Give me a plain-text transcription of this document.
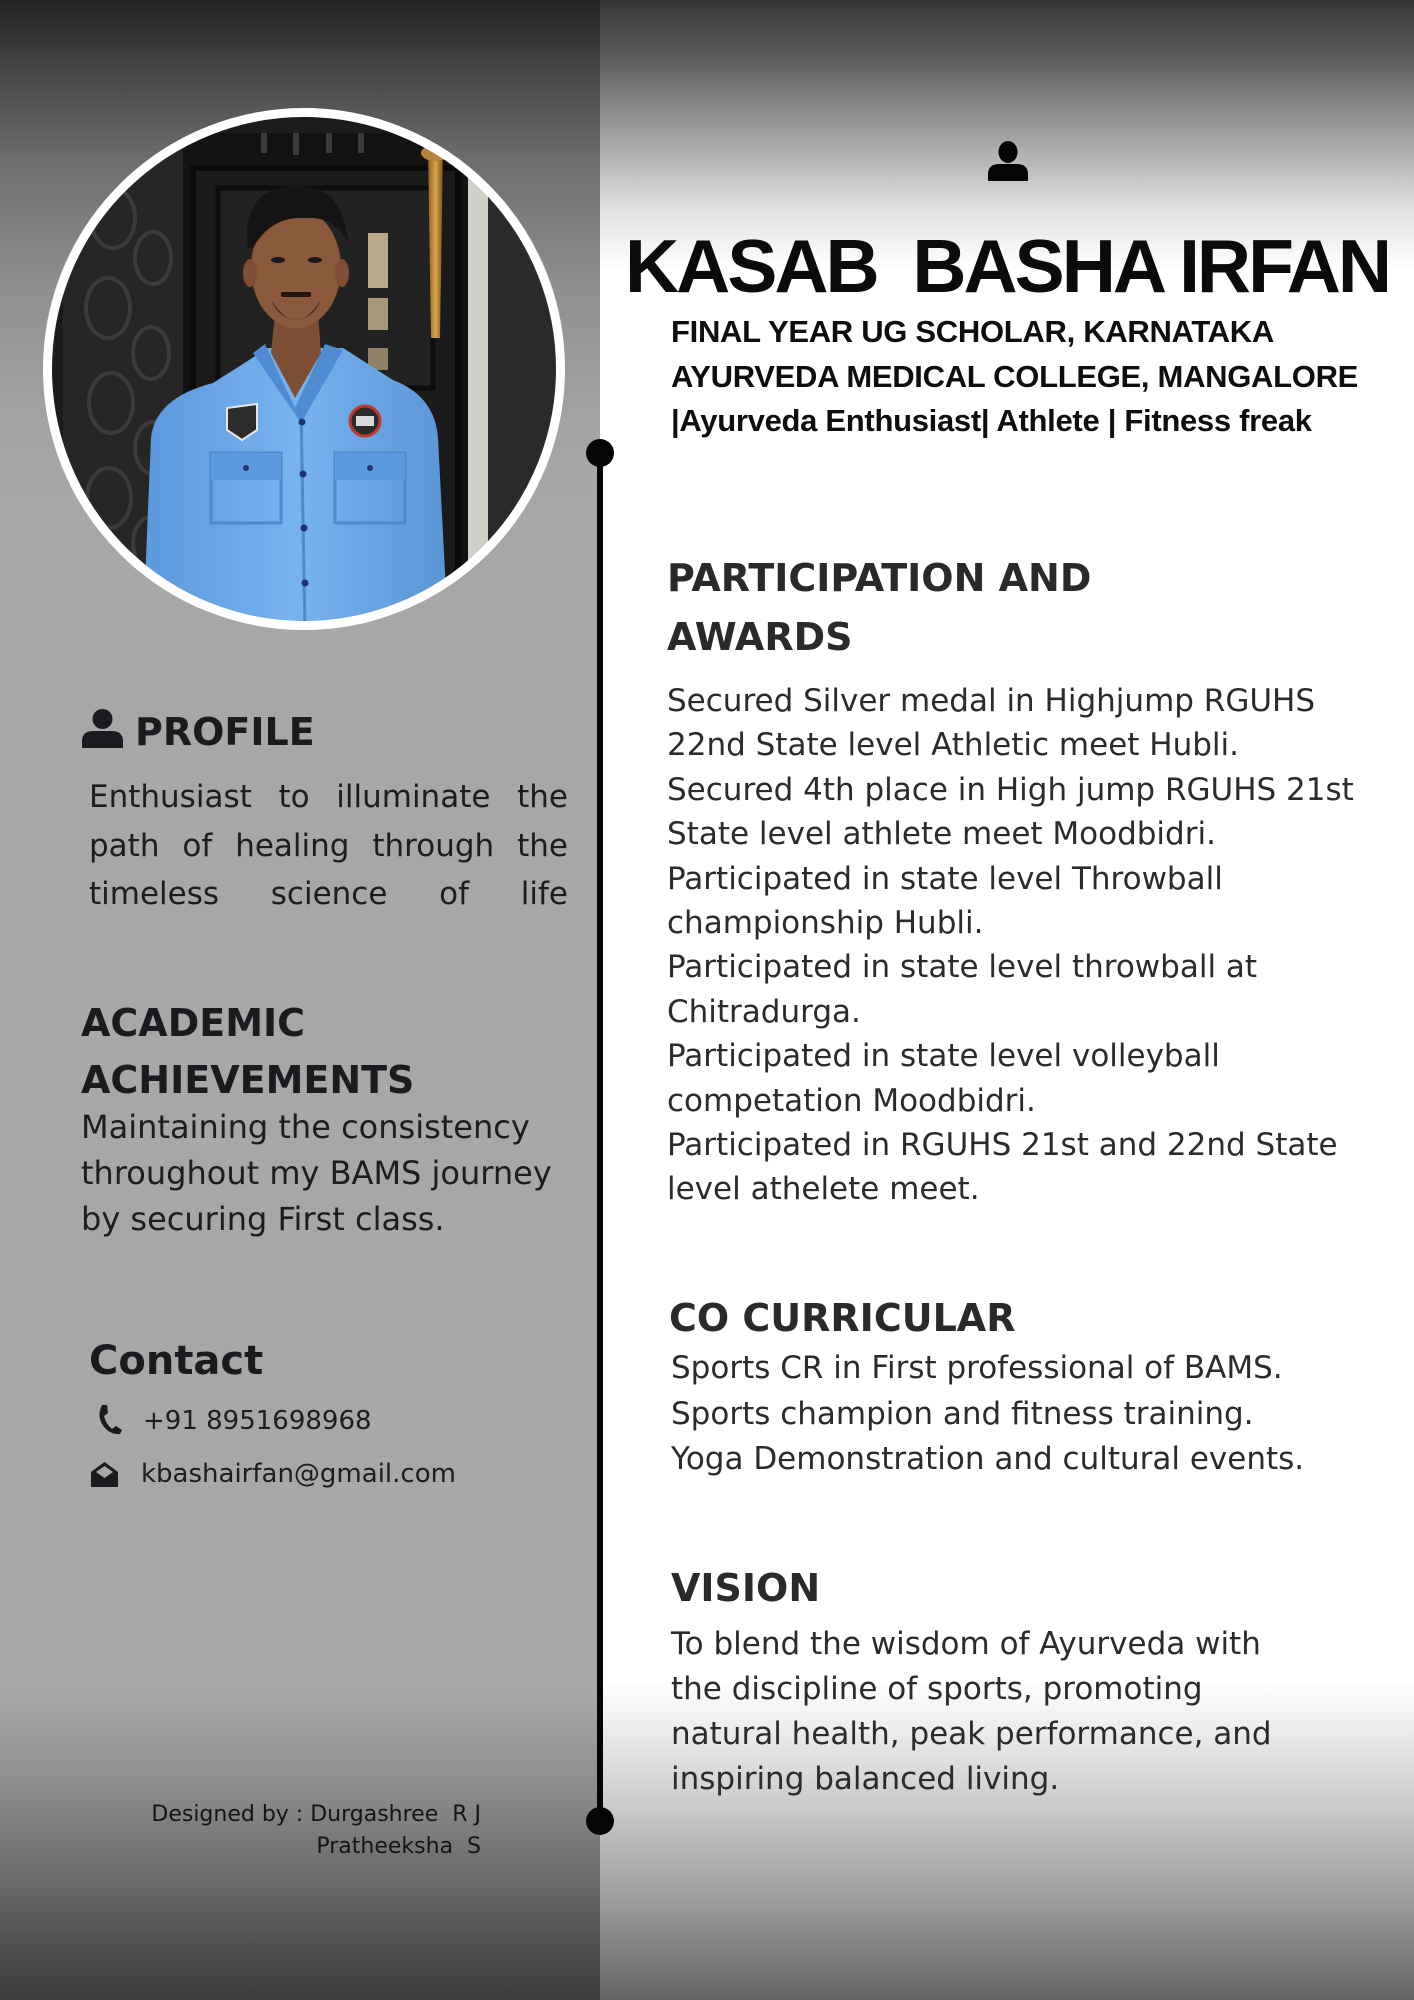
KASAB  BASHA IRFAN
FINAL YEAR UG SCHOLAR, KARNATAKA
AYURVEDA MEDICAL COLLEGE, MANGALORE
|Ayurveda Enthusiast| Athlete | Fitness freak
PROFILE
Enthusiast to illuminate the
path of healing through the
timeless science of life
ACADEMIC
ACHIEVEMENTS
Maintaining the consistency
throughout my BAMS journey
by securing First class.
Contact
+91 8951698968
kbashairfan@gmail.com
Designed by : Durgashree  R J
Pratheeksha  S
PARTICIPATION AND
AWARDS
Secured Silver medal in Highjump RGUHS
22nd State level Athletic meet Hubli.
Secured 4th place in High jump RGUHS 21st
State level athlete meet Moodbidri.
Participated in state level Throwball
championship Hubli.
Participated in state level throwball at
Chitradurga.
Participated in state level volleyball
competation Moodbidri.
Participated in RGUHS 21st and 22nd State
level athelete meet.
CO CURRICULAR
Sports CR in First professional of BAMS.
Sports champion and fitness training.
Yoga Demonstration and cultural events.
VISION
To blend the wisdom of Ayurveda with
the discipline of sports, promoting
natural health, peak performance, and
inspiring balanced living.
